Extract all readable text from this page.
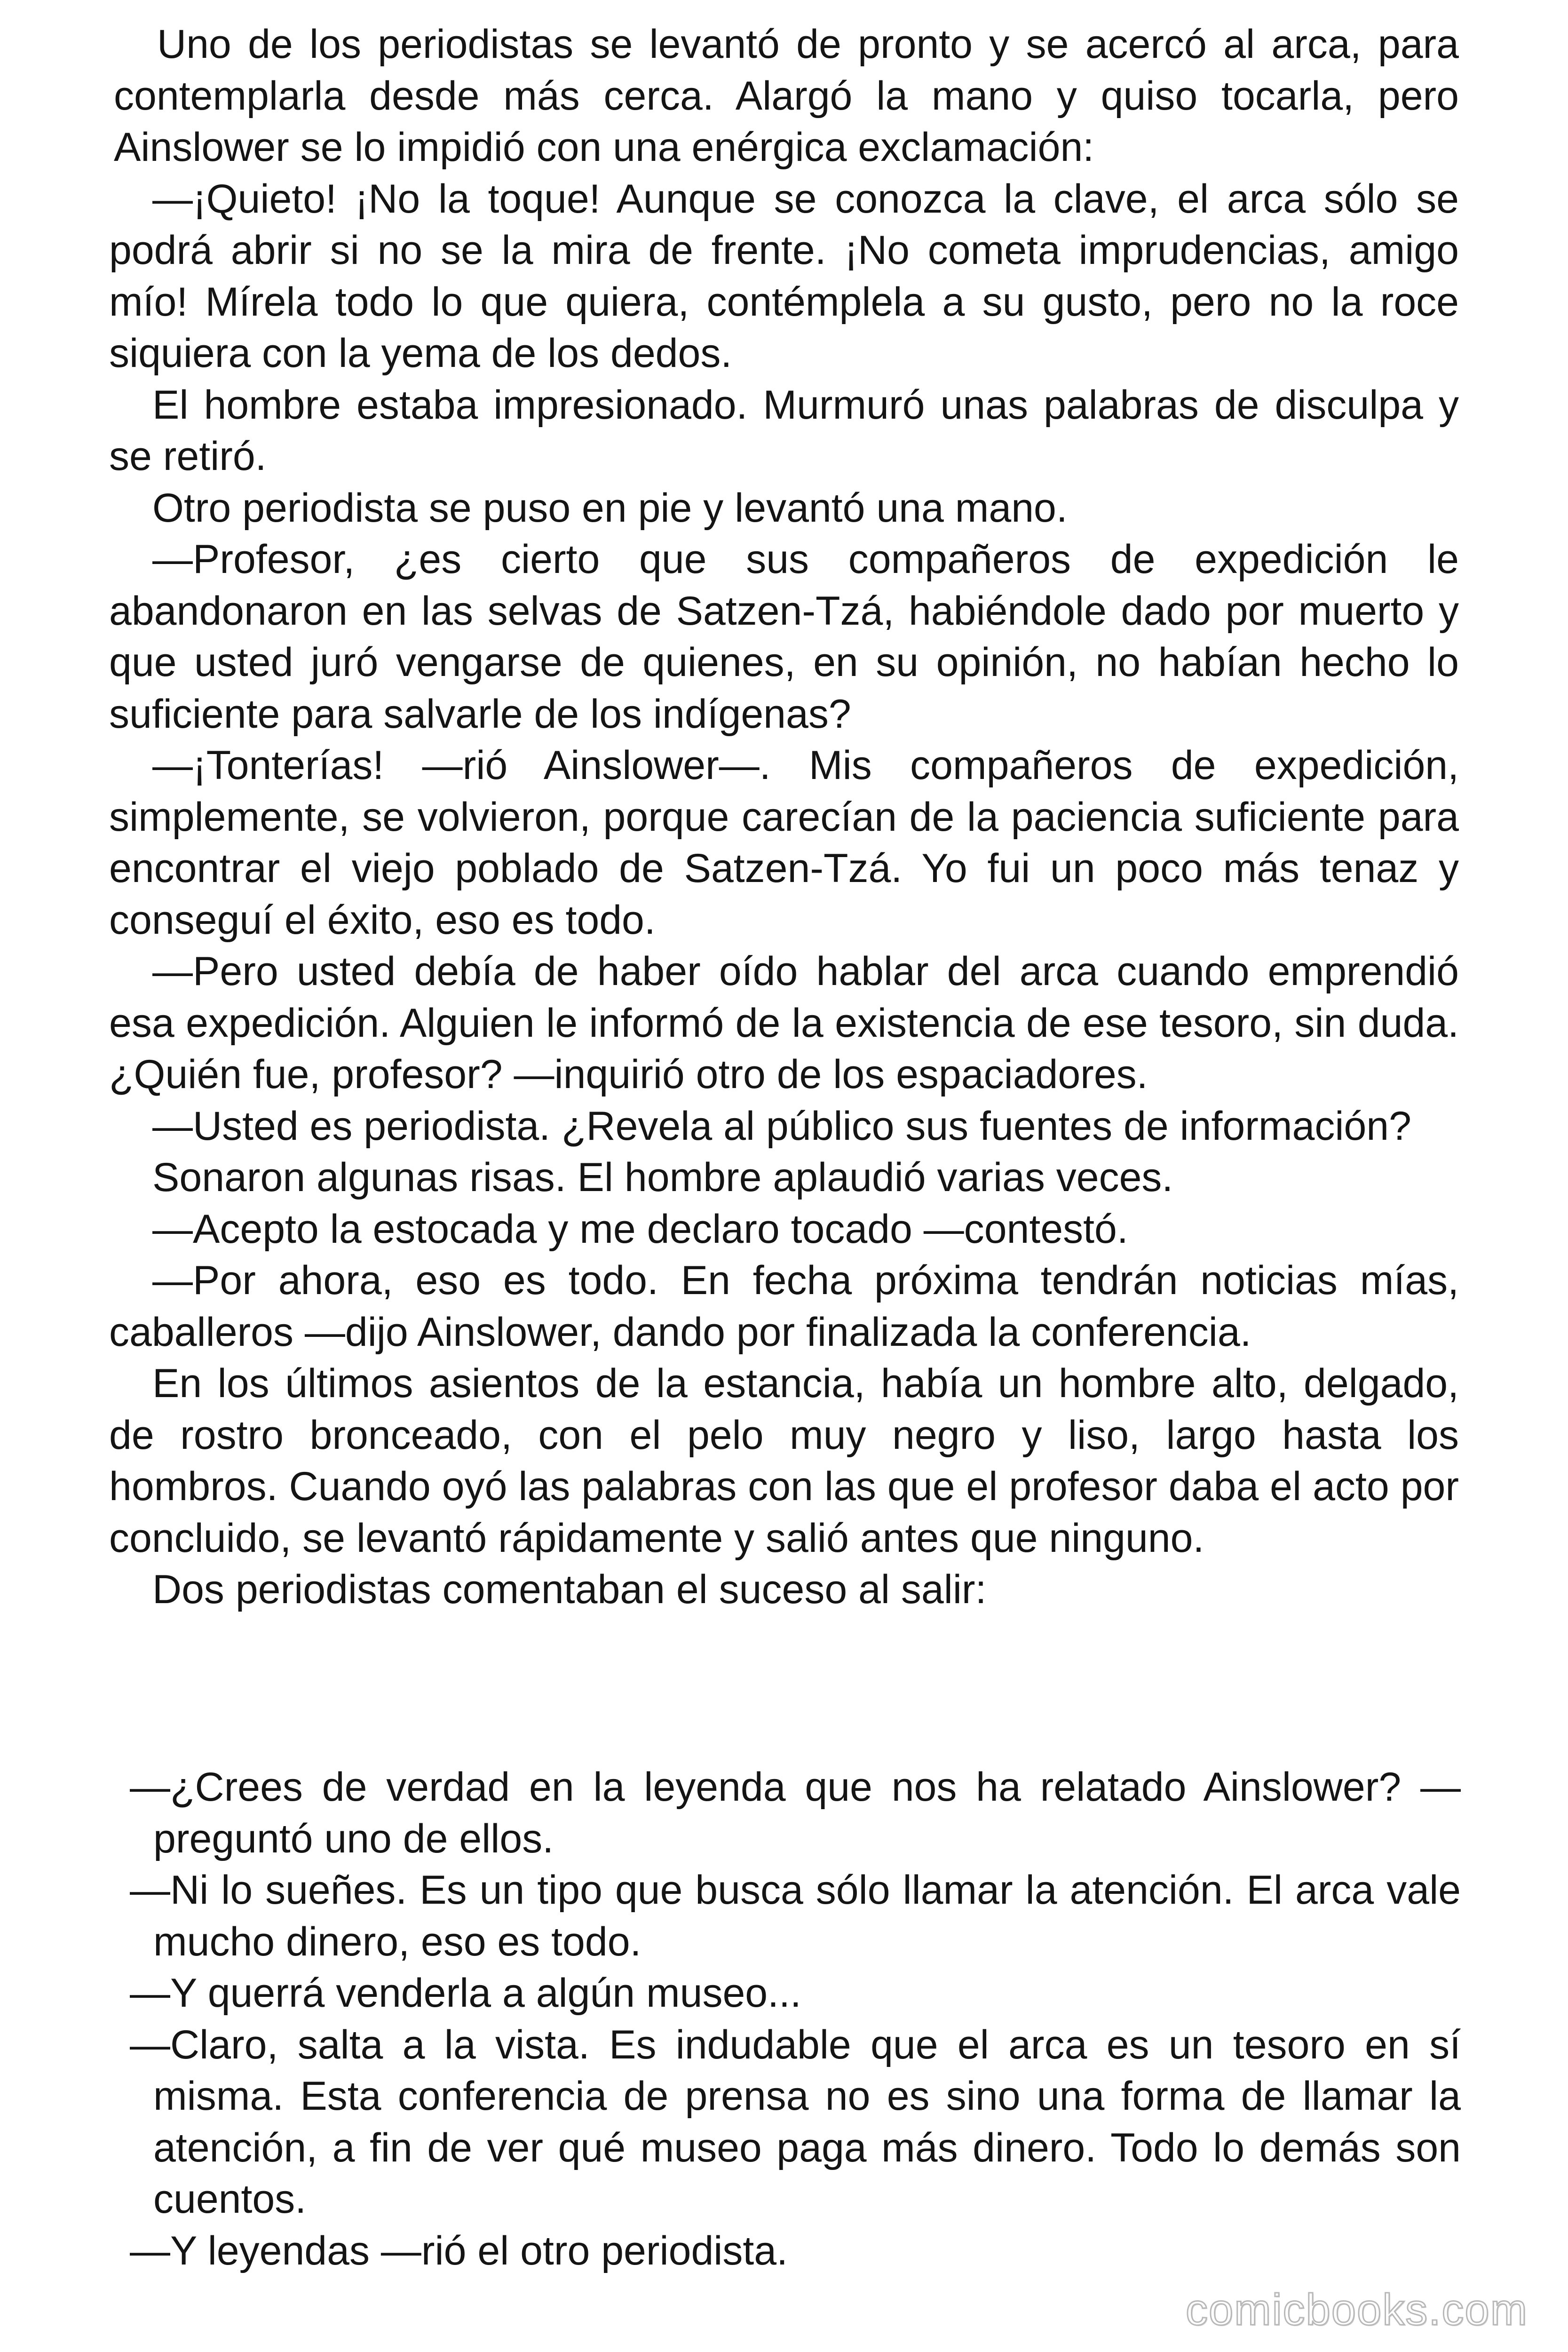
Uno de los periodistas se levantó de pronto y se acercó al arca, para contemplarla desde más cerca. Alargó la mano y quiso tocarla, pero Ainslower se lo impidió con una enérgica exclamación:

—¡Quieto! ¡No la toque! Aunque se conozca la clave, el arca sólo se podrá abrir si no se la mira de frente. ¡No cometa imprudencias, amigo mío! Mírela todo lo que quiera, contémplela a su gusto, pero no la roce siquiera con la yema de los dedos.

El hombre estaba impresionado. Murmuró unas palabras de disculpa y se retiró.

Otro periodista se puso en pie y levantó una mano.

—Profesor, ¿es cierto que sus compañeros de expedición le abandonaron en las selvas de Satzen-Tzá, habiéndole dado por muerto y que usted juró vengarse de quienes, en su opinión, no habían hecho lo suficiente para salvarle de los indígenas?

—¡Tonterías! —rió Ainslower—. Mis compañeros de expedición, simplemente, se volvieron, porque carecían de la paciencia suficiente para encontrar el viejo poblado de Satzen-Tzá. Yo fui un poco más tenaz y conseguí el éxito, eso es todo.

—Pero usted debía de haber oído hablar del arca cuando emprendió esa expedición. Alguien le informó de la existencia de ese tesoro, sin duda. ¿Quién fue, profesor? —inquirió otro de los espaciadores.

—Usted es periodista. ¿Revela al público sus fuentes de información?

Sonaron algunas risas. El hombre aplaudió varias veces.

—Acepto la estocada y me declaro tocado —contestó.

—Por ahora, eso es todo. En fecha próxima tendrán noticias mías, caballeros —dijo Ainslower, dando por finalizada la conferencia.

En los últimos asientos de la estancia, había un hombre alto, delgado, de rostro bronceado, con el pelo muy negro y liso, largo hasta los hombros. Cuando oyó las palabras con las que el profesor daba el acto por concluido, se levantó rápidamente y salió antes que ninguno.

Dos periodistas comentaban el suceso al salir:

—¿Crees de verdad en la leyenda que nos ha relatado Ainslower? —preguntó uno de ellos.

—Ni lo sueñes. Es un tipo que busca sólo llamar la atención. El arca vale mucho dinero, eso es todo.

—Y querrá venderla a algún museo...

—Claro, salta a la vista. Es indudable que el arca es un tesoro en sí misma. Esta conferencia de prensa no es sino una forma de llamar la atención, a fin de ver qué museo paga más dinero. Todo lo demás son cuentos.

—Y leyendas —rió el otro periodista.

comicbooks.com
